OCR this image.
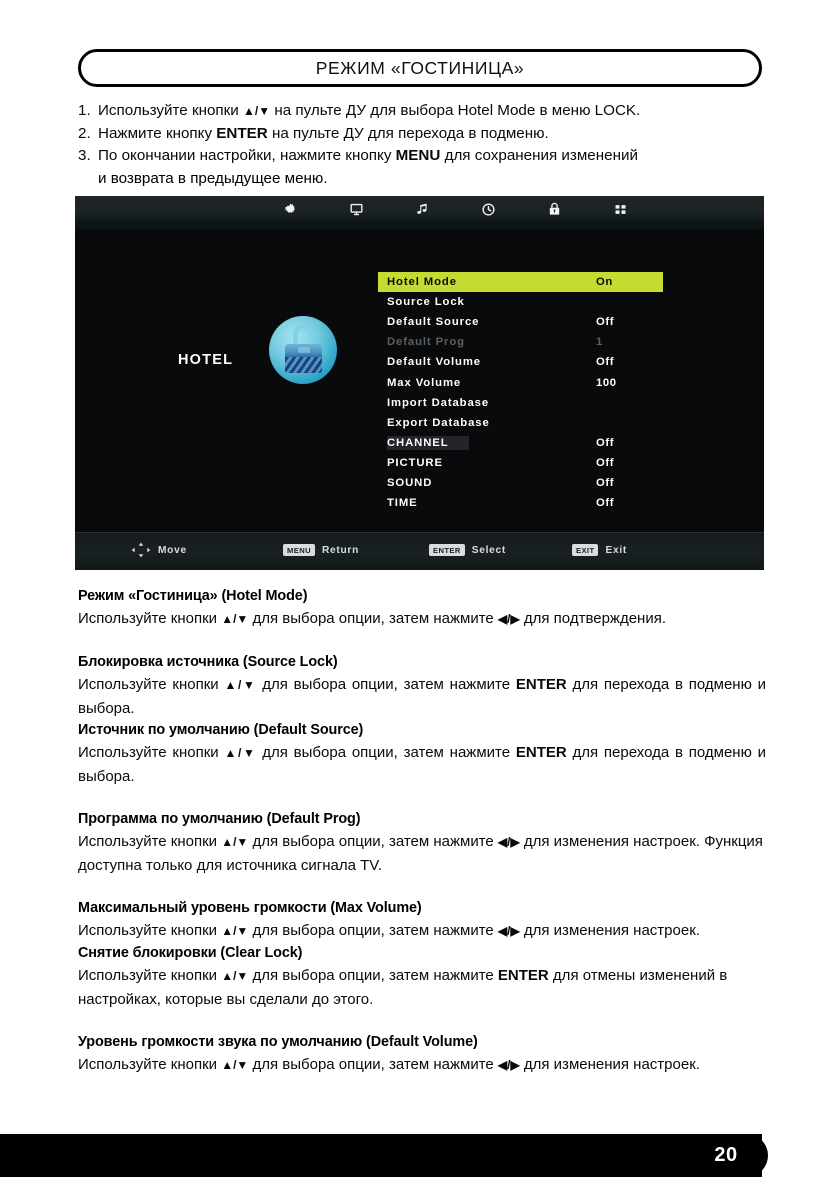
РЕЖИМ «ГОСТИНИЦА»
1. Используйте кнопки ▲/▼ на пульте ДУ для выбора Hotel Mode в меню LOCK.
2. Нажмите кнопку ENTER на пульте ДУ для перехода в подменю.
3. По окончании настройки, нажмите кнопку MENU для сохранения изменений
и возврата в предыдущее меню.
HOTEL
Hotel Mode	On
Source Lock
Default Source	Off
Default Prog	1
Default Volume	Off
Max Volume	100
Import Database
Export Database
CHANNEL	Off
PICTURE	Off
SOUND	Off
TIME	Off
Move	MENU	Return	ENTER	Select	EXIT	Exit
Режим «Гостиница» (Hotel Mode)

Используйте кнопки ▲/▼ для выбора опции, затем нажмите ◀/▶ для подтверждения.

Блокировка источника (Source Lock)

Используйте кнопки ▲/▼ для выбора опции, затем нажмите ENTER для перехода в подменю и выбора.

Источник по умолчанию (Default Source)

Используйте кнопки ▲/▼ для выбора опции, затем нажмите ENTER для перехода в подменю и выбора.

Программа по умолчанию (Default Prog)

Используйте кнопки ▲/▼ для выбора опции, затем нажмите ◀/▶ для изменения настроек. Функция доступна только для источника сигнала TV.

Максимальный уровень громкости (Max Volume)

Используйте кнопки ▲/▼ для выбора опции, затем нажмите ◀/▶ для изменения настроек.

Снятие блокировки (Clear Lock)

Используйте кнопки ▲/▼ для выбора опции, затем нажмите ENTER для отмены изменений в настройках, которые вы сделали до этого.

Уровень громкости звука по умолчанию (Default Volume)

Используйте кнопки ▲/▼ для выбора опции, затем нажмите ◀/▶ для изменения настроек.

20
